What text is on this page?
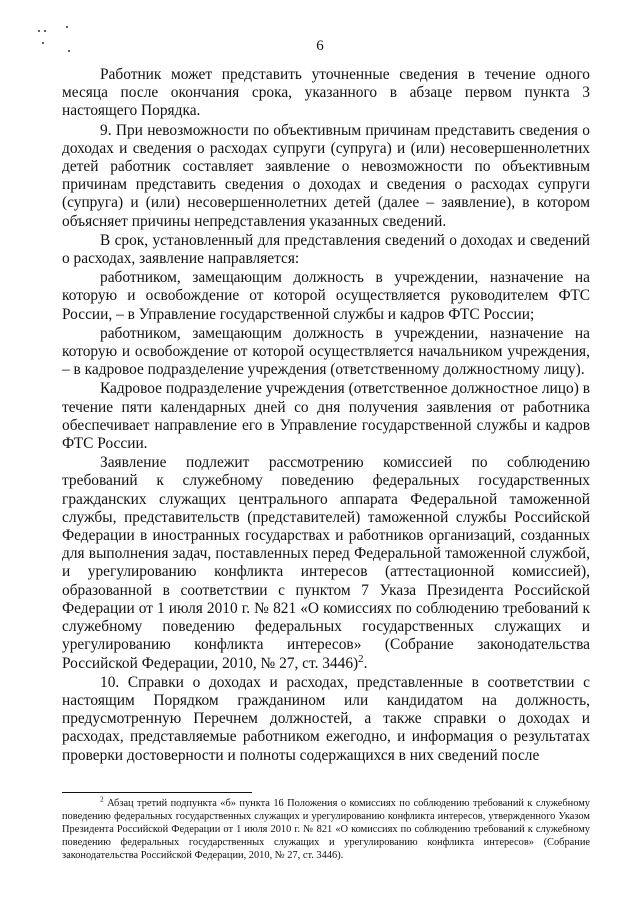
6

Работник может представить уточненные сведения в течение одного месяца после окончания срока, указанного в абзаце первом пункта 3 настоящего Порядка.

9. При невозможности по объективным причинам представить сведения о доходах и сведения о расходах супруги (супруга) и (или) несовершеннолетних детей работник составляет заявление о невозможности по объективным причинам представить сведения о доходах и сведения о расходах супруги (супруга) и (или) несовершеннолетних детей (далее – заявление), в котором объясняет причины непредставления указанных сведений.

В срок, установленный для представления сведений о доходах и сведений о расходах, заявление направляется:

работником, замещающим должность в учреждении, назначение на которую и освобождение от которой осуществляется руководителем ФТС России, – в Управление государственной службы и кадров ФТС России;

работником, замещающим должность в учреждении, назначение на которую и освобождение от которой осуществляется начальником учреждения, – в кадровое подразделение учреждения (ответственному должностному лицу).

Кадровое подразделение учреждения (ответственное должностное лицо) в течение пяти календарных дней со дня получения заявления от работника обеспечивает направление его в Управление государственной службы и кадров ФТС России.

Заявление подлежит рассмотрению комиссией по соблюдению требований к служебному поведению федеральных государственных гражданских служащих центрального аппарата Федеральной таможенной службы, представительств (представителей) таможенной службы Российской Федерации в иностранных государствах и работников организаций, созданных для выполнения задач, поставленных перед Федеральной таможенной службой, и урегулированию конфликта интересов (аттестационной комиссией), образованной в соответствии с пунктом 7 Указа Президента Российской Федерации от 1 июля 2010 г. № 821 «О комиссиях по соблюдению требований к служебному поведению федеральных государственных служащих и урегулированию конфликта интересов» (Собрание законодательства Российской Федерации, 2010, № 27, ст. 3446)$^2$.

10. Справки о доходах и расходах, представленные в соответствии с настоящим Порядком гражданином или кандидатом на должность, предусмотренную Перечнем должностей, а также справки о доходах и расходах, представляемые работником ежегодно, и информация о результатах проверки достоверности и полноты содержащихся в них сведений после

$^2$ Абзац третий подпункта «б» пункта 16 Положения о комиссиях по соблюдению требований к служебному поведению федеральных государственных служащих и урегулированию конфликта интересов, утвержденного Указом Президента Российской Федерации от 1 июля 2010 г. № 821 «О комиссиях по соблюдению требований к служебному поведению федеральных государственных служащих и урегулированию конфликта интересов» (Собрание законодательства Российской Федерации, 2010, № 27, ст. 3446).
